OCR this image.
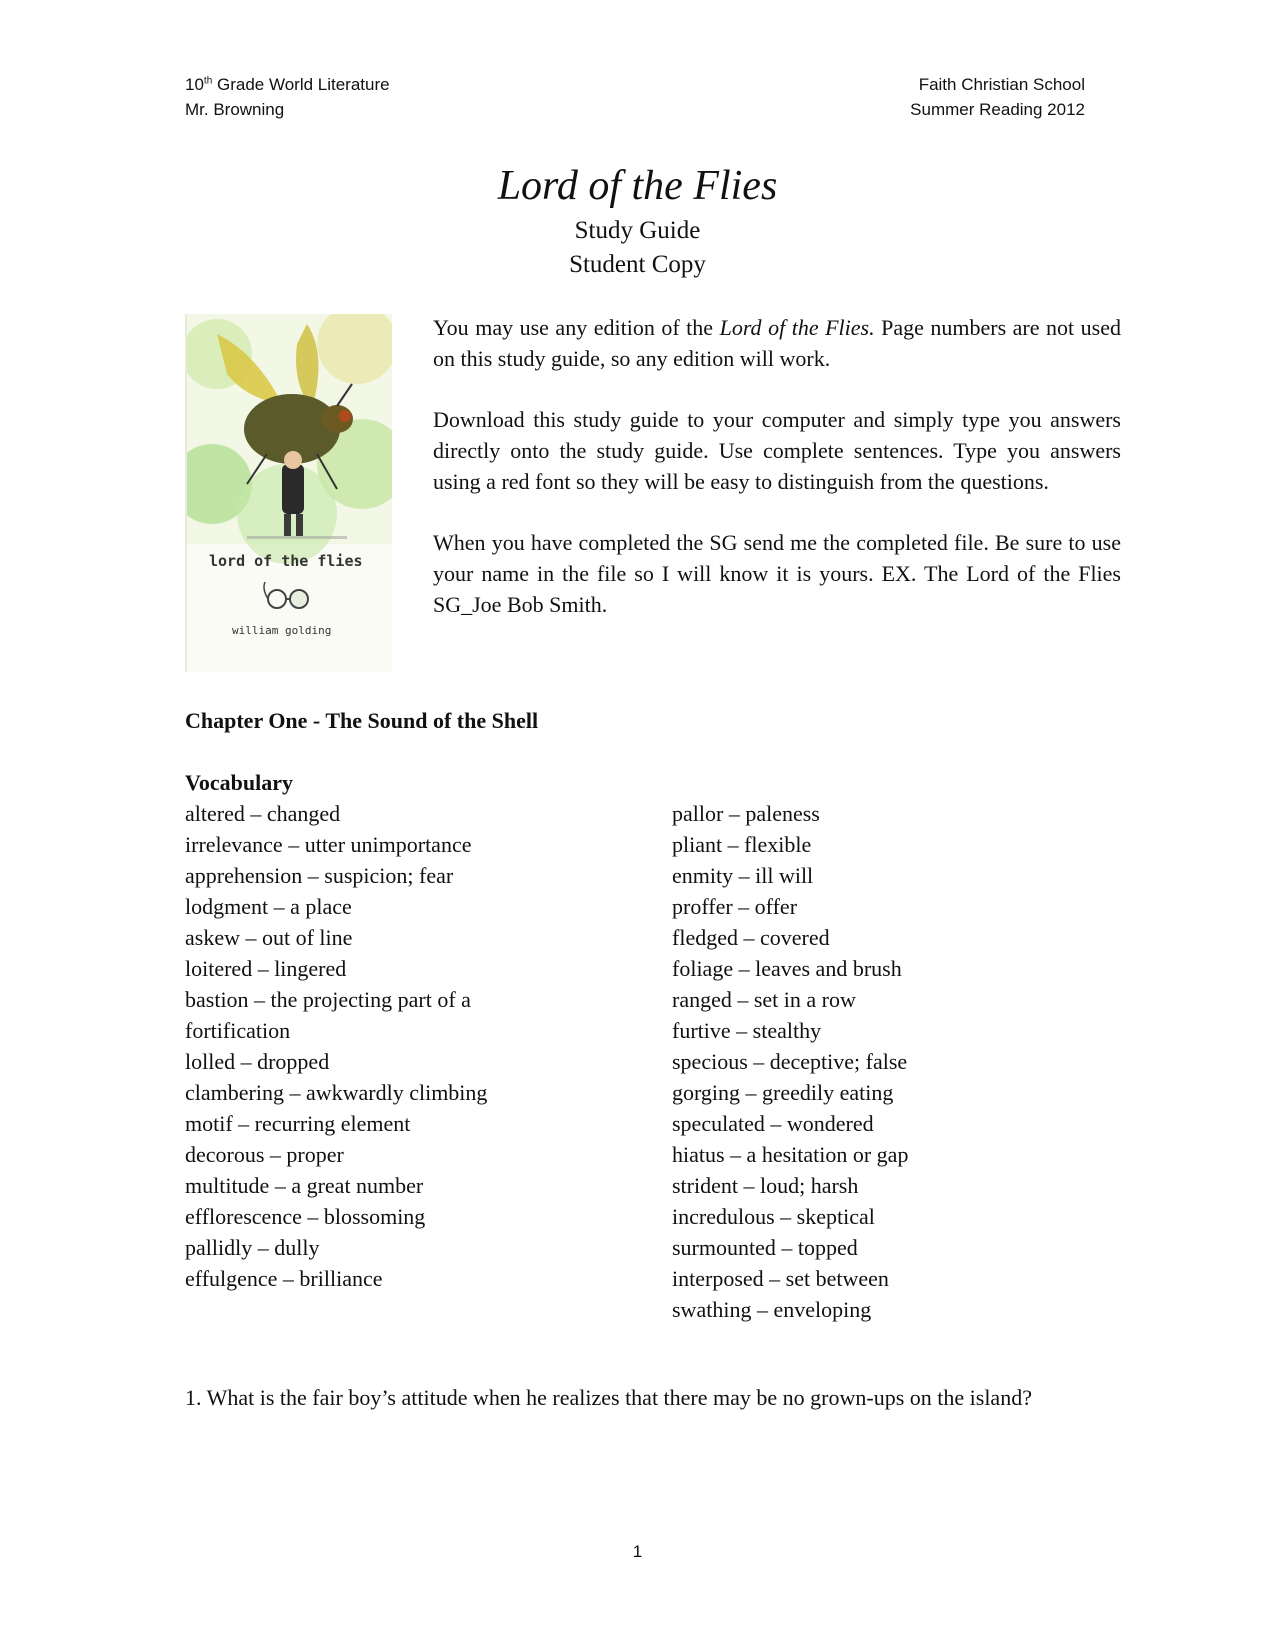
10th Grade World Literature
Mr. Browning
Faith Christian School
Summer Reading 2012
Lord of the Flies
Study Guide
Student Copy
lord of the flies
william golding

You may use any edition of the Lord of the Flies. Page numbers are not used on this study guide, so any edition will work.

Download this study guide to your computer and simply type you answers directly onto the study guide. Use complete sentences. Type you answers using a red font so they will be easy to distinguish from the questions.

When you have completed the SG send me the completed file. Be sure to use your name in the file so I will know it is yours. EX. The Lord of the Flies SG_Joe Bob Smith.

Chapter One - The Sound of the Shell
Vocabulary
altered – changed
irrelevance – utter unimportance
apprehension – suspicion; fear
lodgment – a place
askew – out of line
loitered – lingered
bastion – the projecting part of a
fortification
lolled – dropped
clambering – awkwardly climbing
motif – recurring element
decorous – proper
multitude – a great number
efflorescence – blossoming
pallidly – dully
effulgence – brilliance
pallor – paleness
pliant – flexible
enmity – ill will
proffer – offer
fledged – covered
foliage – leaves and brush
ranged – set in a row
furtive – stealthy
specious – deceptive; false
gorging – greedily eating
speculated – wondered
hiatus – a hesitation or gap
strident – loud; harsh
incredulous – skeptical
surmounted – topped
interposed – set between
swathing – enveloping
1. What is the fair boy’s attitude when he realizes that there may be no grown-ups on the island?
1
